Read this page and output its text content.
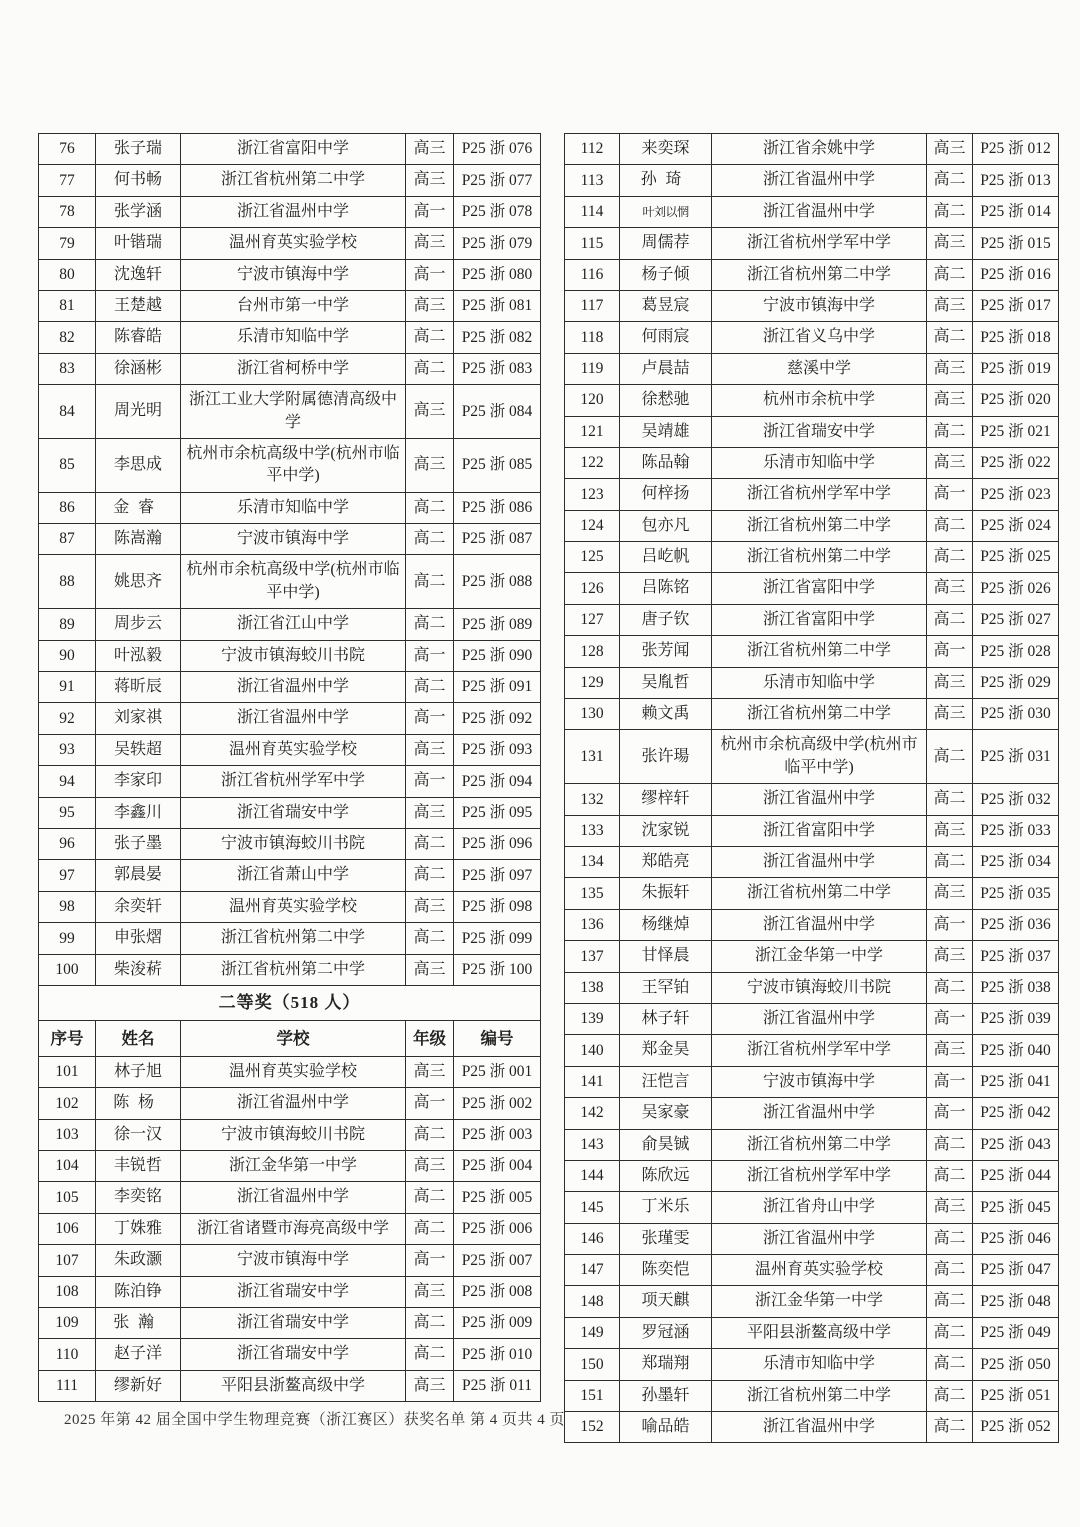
76	张子瑞	浙江省富阳中学	高三	P25 浙 076
77	何书畅	浙江省杭州第二中学	高三	P25 浙 077
78	张学涵	浙江省温州中学	高一	P25 浙 078
79	叶锴瑞	温州育英实验学校	高三	P25 浙 079
80	沈逸轩	宁波市镇海中学	高一	P25 浙 080
81	王楚越	台州市第一中学	高三	P25 浙 081
82	陈睿皓	乐清市知临中学	高二	P25 浙 082
83	徐涵彬	浙江省柯桥中学	高二	P25 浙 083
84	周光明	浙江工业大学附属德清高级中学	高三	P25 浙 084
85	李思成	杭州市余杭高级中学(杭州市临平中学)	高三	P25 浙 085
86	金睿	乐清市知临中学	高二	P25 浙 086
87	陈嵩瀚	宁波市镇海中学	高二	P25 浙 087
88	姚思齐	杭州市余杭高级中学(杭州市临平中学)	高二	P25 浙 088
89	周步云	浙江省江山中学	高二	P25 浙 089
90	叶泓毅	宁波市镇海蛟川书院	高一	P25 浙 090
91	蒋昕辰	浙江省温州中学	高二	P25 浙 091
92	刘家祺	浙江省温州中学	高一	P25 浙 092
93	吴轶超	温州育英实验学校	高三	P25 浙 093
94	李家印	浙江省杭州学军中学	高一	P25 浙 094
95	李鑫川	浙江省瑞安中学	高三	P25 浙 095
96	张子墨	宁波市镇海蛟川书院	高二	P25 浙 096
97	郭晨晏	浙江省萧山中学	高二	P25 浙 097
98	余奕轩	温州育英实验学校	高三	P25 浙 098
99	申张熠	浙江省杭州第二中学	高二	P25 浙 099
100	柴浚菥	浙江省杭州第二中学	高三	P25 浙 100
二等奖（518 人）				
序号	姓名	学校	年级	编号
101	林子旭	温州育英实验学校	高三	P25 浙 001
102	陈杨	浙江省温州中学	高一	P25 浙 002
103	徐一汉	宁波市镇海蛟川书院	高二	P25 浙 003
104	丰锐哲	浙江金华第一中学	高三	P25 浙 004
105	李奕铭	浙江省温州中学	高二	P25 浙 005
106	丁姝雅	浙江省诸暨市海亮高级中学	高二	P25 浙 006
107	朱政灏	宁波市镇海中学	高一	P25 浙 007
108	陈泊铮	浙江省瑞安中学	高三	P25 浙 008
109	张瀚	浙江省瑞安中学	高二	P25 浙 009
110	赵子洋	浙江省瑞安中学	高二	P25 浙 010
111	缪新好	平阳县浙鳌高级中学	高三	P25 浙 011
112	来奕琛	浙江省余姚中学	高三	P25 浙 012
113	孙琦	浙江省温州中学	高二	P25 浙 013
114	叶刘以惘	浙江省温州中学	高二	P25 浙 014
115	周儒荐	浙江省杭州学军中学	高三	P25 浙 015
116	杨子倾	浙江省杭州第二中学	高二	P25 浙 016
117	葛昱宸	宁波市镇海中学	高三	P25 浙 017
118	何雨宸	浙江省义乌中学	高二	P25 浙 018
119	卢晨喆	慈溪中学	高三	P25 浙 019
120	徐慭驰	杭州市余杭中学	高三	P25 浙 020
121	吴靖雄	浙江省瑞安中学	高二	P25 浙 021
122	陈品翰	乐清市知临中学	高三	P25 浙 022
123	何梓扬	浙江省杭州学军中学	高一	P25 浙 023
124	包亦凡	浙江省杭州第二中学	高二	P25 浙 024
125	吕屹帆	浙江省杭州第二中学	高二	P25 浙 025
126	吕陈铭	浙江省富阳中学	高三	P25 浙 026
127	唐子钦	浙江省富阳中学	高二	P25 浙 027
128	张芳闻	浙江省杭州第二中学	高一	P25 浙 028
129	吴胤哲	乐清市知临中学	高三	P25 浙 029
130	赖文禹	浙江省杭州第二中学	高三	P25 浙 030
131	张许瑒	杭州市余杭高级中学(杭州市临平中学)	高二	P25 浙 031
132	缪梓轩	浙江省温州中学	高二	P25 浙 032
133	沈家锐	浙江省富阳中学	高三	P25 浙 033
134	郑皓亮	浙江省温州中学	高二	P25 浙 034
135	朱振轩	浙江省杭州第二中学	高三	P25 浙 035
136	杨继焯	浙江省温州中学	高一	P25 浙 036
137	甘怿晨	浙江金华第一中学	高三	P25 浙 037
138	王罕铂	宁波市镇海蛟川书院	高二	P25 浙 038
139	林子轩	浙江省温州中学	高一	P25 浙 039
140	郑金昊	浙江省杭州学军中学	高三	P25 浙 040
141	汪恺言	宁波市镇海中学	高一	P25 浙 041
142	吴家豪	浙江省温州中学	高一	P25 浙 042
143	俞昊铖	浙江省杭州第二中学	高二	P25 浙 043
144	陈欣远	浙江省杭州学军中学	高二	P25 浙 044
145	丁米乐	浙江省舟山中学	高三	P25 浙 045
146	张瑾雯	浙江省温州中学	高二	P25 浙 046
147	陈奕恺	温州育英实验学校	高二	P25 浙 047
148	项天麒	浙江金华第一中学	高二	P25 浙 048
149	罗冠涵	平阳县浙鳌高级中学	高二	P25 浙 049
150	郑瑞翔	乐清市知临中学	高二	P25 浙 050
151	孙墨轩	浙江省杭州第二中学	高二	P25 浙 051
152	喻品皓	浙江省温州中学	高二	P25 浙 052
2025 年第 42 届全国中学生物理竞赛（浙江赛区）获奖名单 第 4 页共 4 页
